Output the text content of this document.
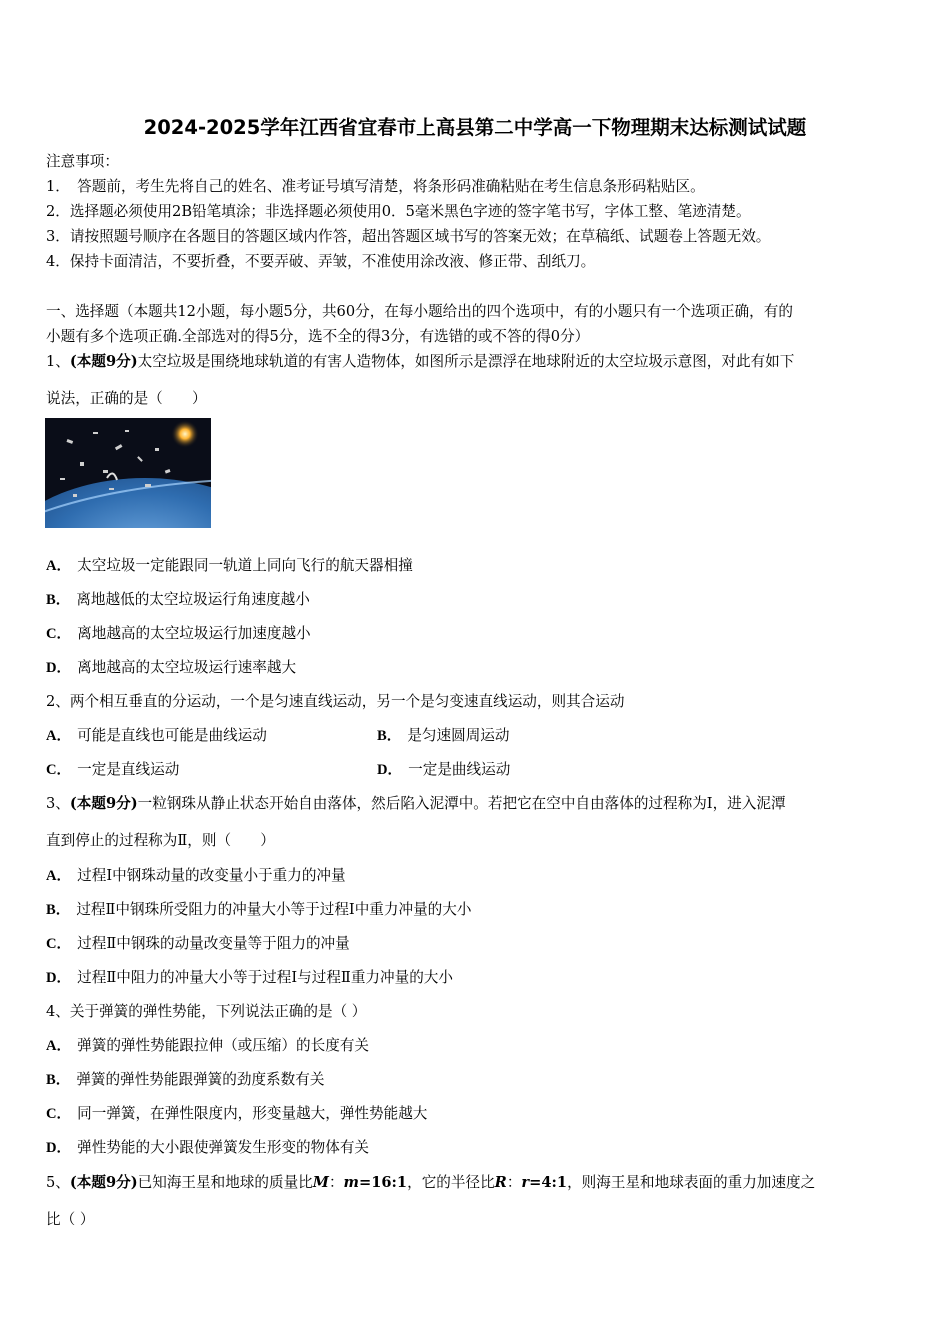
2024-2025学年江西省宜春市上高县第二中学高一下物理期末达标测试试题
注意事项：
1．　答题前，考生先将自己的姓名、准考证号填写清楚，将条形码准确粘贴在考生信息条形码粘贴区。
2．选择题必须使用2B铅笔填涂；非选择题必须使用0．5毫米黑色字迹的签字笔书写，字体工整、笔迹清楚。
3．请按照题号顺序在各题目的答题区域内作答，超出答题区域书写的答案无效；在草稿纸、试题卷上答题无效。
4．保持卡面清洁，不要折叠，不要弄破、弄皱，不准使用涂改液、修正带、刮纸刀。
一、选择题（本题共12小题，每小题5分，共60分，在每小题给出的四个选项中，有的小题只有一个选项正确，有的
小题有多个选项正确.全部选对的得5分，选不全的得3分，有选错的或不答的得0分）
1、(本题9分)太空垃圾是围绕地球轨道的有害人造物体，如图所示是漂浮在地球附近的太空垃圾示意图，对此有如下
说法，正确的是（　　）
A． 太空垃圾一定能跟同一轨道上同向飞行的航天器相撞
B． 离地越低的太空垃圾运行角速度越小
C． 离地越高的太空垃圾运行加速度越小
D． 离地越高的太空垃圾运行速率越大
2、两个相互垂直的分运动，一个是匀速直线运动，另一个是匀变速直线运动，则其合运动
A． 可能是直线也可能是曲线运动	B． 是匀速圆周运动
C． 一定是直线运动	D． 一定是曲线运动
3、(本题9分)一粒钢珠从静止状态开始自由落体，然后陷入泥潭中。若把它在空中自由落体的过程称为Ⅰ，进入泥潭
直到停止的过程称为Ⅱ，则（　　）
A． 过程Ⅰ中钢珠动量的改变量小于重力的冲量
B． 过程Ⅱ中钢珠所受阻力的冲量大小等于过程Ⅰ中重力冲量的大小
C． 过程Ⅱ中钢珠的动量改变量等于阻力的冲量
D． 过程Ⅱ中阻力的冲量大小等于过程Ⅰ与过程Ⅱ重力冲量的大小
4、关于弹簧的弹性势能，下列说法正确的是（ ）
A． 弹簧的弹性势能跟拉伸（或压缩）的长度有关
B． 弹簧的弹性势能跟弹簧的劲度系数有关
C． 同一弹簧，在弹性限度内，形变量越大，弹性势能越大
D． 弹性势能的大小跟使弹簧发生形变的物体有关
5、(本题9分)已知海王星和地球的质量比M：m=16:1，它的半径比R：r=4:1，则海王星和地球表面的重力加速度之
比（ ）
